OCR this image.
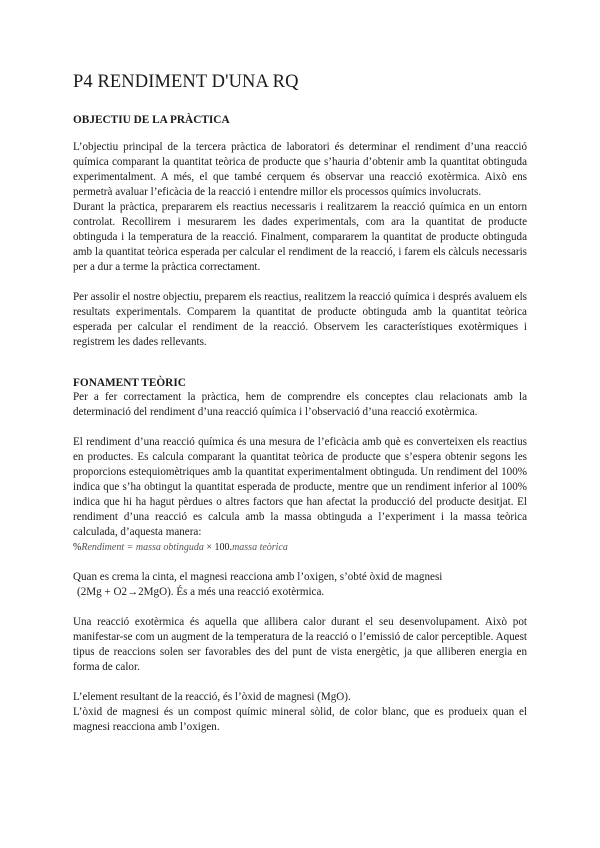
P4 RENDIMENT D'UNA RQ
OBJECTIU DE LA PRÀCTICA

L’objectiu principal de la tercera pràctica de laboratori és determinar el rendiment d’una reacció química comparant la quantitat teòrica de producte que s’hauria d’obtenir amb la quantitat obtinguda experimentalment. A més, el que també cerquem és observar una reacció exotèrmica. Això ens permetrà avaluar l’eficàcia de la reacció i entendre millor els processos químics involucrats.

Durant la pràctica, prepararem els reactius necessaris i realitzarem la reacció química en un entorn controlat. Recollirem i mesurarem les dades experimentals, com ara la quantitat de producte obtinguda i la temperatura de la reacció. Finalment, compararem la quantitat de producte obtinguda amb la quantitat teòrica esperada per calcular el rendiment de la reacció, i farem els càlculs necessaris per a dur a terme la pràctica correctament.

Per assolir el nostre objectiu, preparem els reactius, realitzem la reacció química i després avaluem els resultats experimentals. Comparem la quantitat de producte obtinguda amb la quantitat teòrica esperada per calcular el rendiment de la reacció. Observem les característiques exotèrmiques i registrem les dades rellevants.

FONAMENT TEÒRIC

Per a fer correctament la pràctica, hem de comprendre els conceptes clau relacionats amb la determinació del rendiment d’una reacció química i l’observació d’una reacció exotèrmica.

El rendiment d’una reacció química és una mesura de l’eficàcia amb què es converteixen els reactius en productes. Es calcula comparant la quantitat teòrica de producte que s’espera obtenir segons les proporcions estequiomètriques amb la quantitat experimentalment obtinguda. Un rendiment del 100% indica que s’ha obtingut la quantitat esperada de producte, mentre que un rendiment inferior al 100% indica que hi ha hagut pèrdues o altres factors que han afectat la producció del producte desitjat. El rendiment d’una reacció es calcula amb la massa obtinguda a l’experiment i la massa teòrica calculada, d’aquesta manera:

%Rendiment = massa obtinguda × 100.massa teòrica

Quan es crema la cinta, el magnesi reacciona amb l’oxigen, s’obté òxid de magnesi

(2Mg + O2→2MgO). És a més una reacció exotèrmica.

Una reacció exotèrmica és aquella que allibera calor durant el seu desenvolupament. Això pot manifestar-se com un augment de la temperatura de la reacció o l’emissió de calor perceptible. Aquest tipus de reaccions solen ser favorables des del punt de vista energètic, ja que alliberen energia en forma de calor.

L’element resultant de la reacció, és l’òxid de magnesi (MgO).

L’òxid de magnesi és un compost químic mineral sòlid, de color blanc, que es produeix quan el magnesi reacciona amb l’oxigen.
